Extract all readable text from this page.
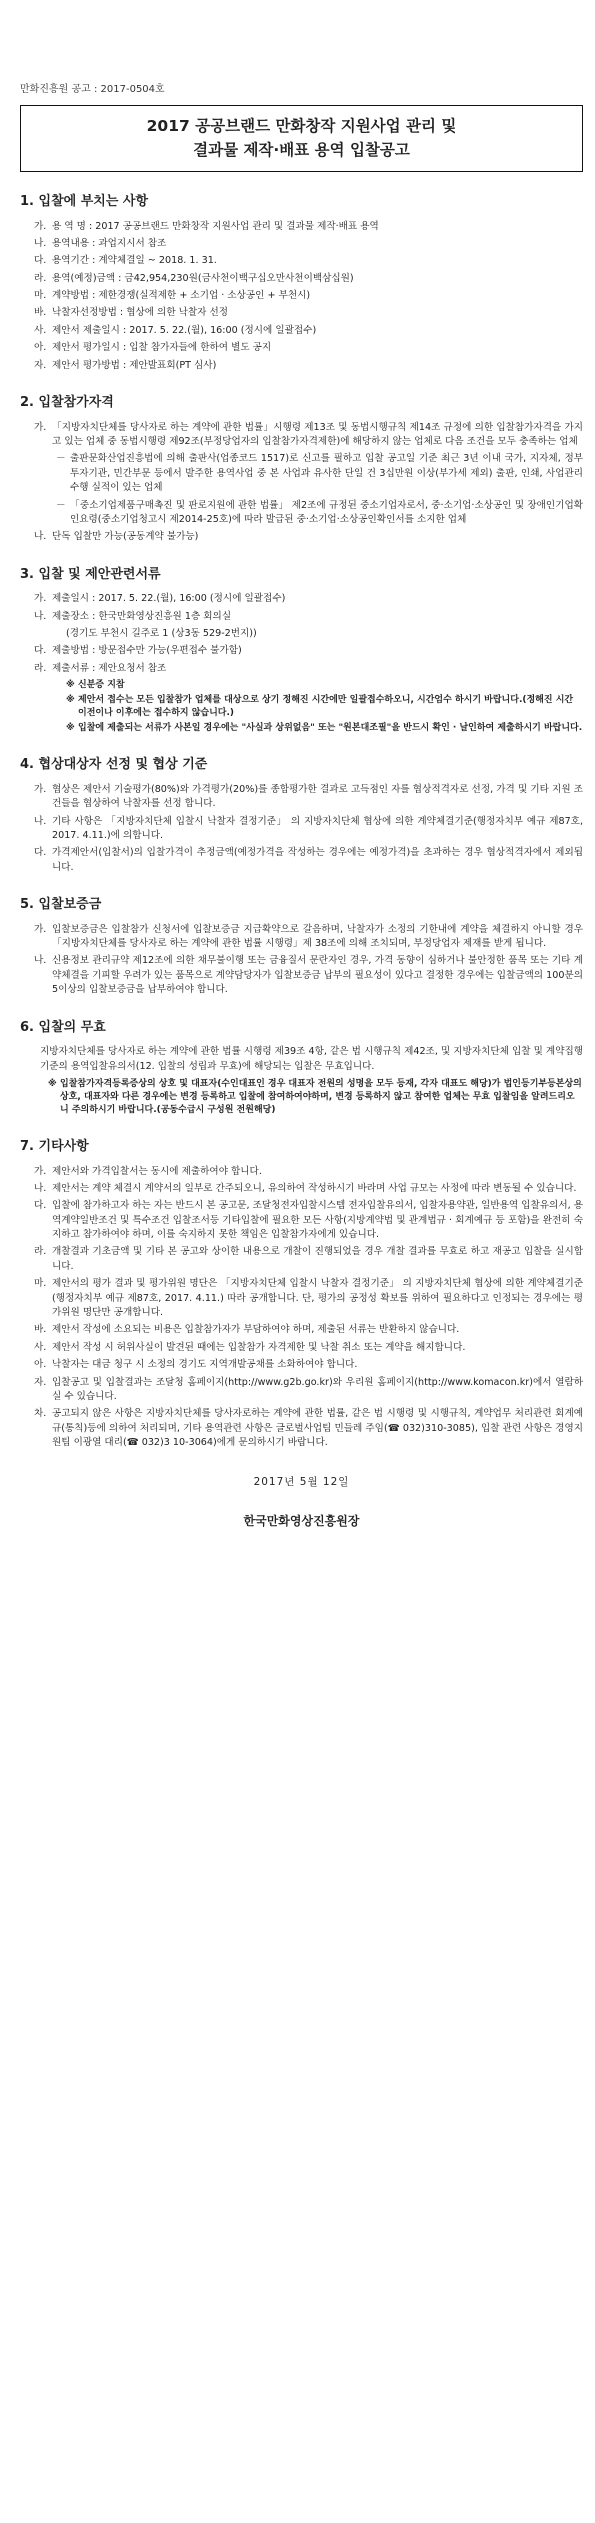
만화진흥원 공고 : 2017-0504호
2017 공공브랜드 만화창작 지원사업 관리 및
결과물 제작·배표 용역 입찰공고
1. 입찰에 부치는 사항
가. 용 역 명 : 2017 공공브랜드 만화창작 지원사업 관리 및 결과물 제작·배표 용역
나. 용역내용 : 과업지시서 참조
다. 용역기간 : 계약체결일 ~ 2018. 1. 31.
라. 용역(예정)금액 : 금42,954,230원(금사천이백구십오만사천이백삼십원)
마. 계약방법 : 제한경쟁(실적제한 + 소기업 · 소상공인 + 부천시)
바. 낙찰자선정방법 : 협상에 의한 낙찰자 선정
사. 제안서 제출일시 : 2017. 5. 22.(월), 16:00 (정시에 일괄접수)
아. 제안서 평가일시 : 입찰 참가자들에 한하여 별도 공지
자. 제안서 평가방법 : 제안발표회(PT 심사)
2. 입찰참가자격
가. 「지방자치단체를 당사자로 하는 계약에 관한 법률」시행령 제13조 및 동법시행규칙 제14조 규정에 의한 입찰참가자격을 가지고 있는 업체 중 동법시행령 제92조(부정당업자의 입찰참가자격제한)에 해당하지 않는 업체로 다음 조건을 모두 충족하는 업체
－ 출판문화산업진흥법에 의해 출판사(업종코드 1517)로 신고를 필하고 입찰 공고일 기준 최근 3년 이내 국가, 지자체, 정부투자기관, 민간부문 등에서 발주한 용역사업 중 본 사업과 유사한 단일 건 3십만원 이상(부가세 제외) 출판, 인쇄, 사업관리 수행 실적이 있는 업체
－ 「중소기업제품구매촉진 및 판로지원에 관한 법률」 제2조에 규정된 중소기업자로서, 중·소기업·소상공인 및 장애인기업확인요령(중소기업청고시 제2014-25호)에 따라 발급된 중·소기업·소상공인확인서를 소지한 업체
나. 단독 입찰만 가능(공동계약 불가능)
3. 입찰 및 제안관련서류
가. 제출일시 : 2017. 5. 22.(월), 16:00 (정시에 일괄접수)
나. 제출장소 : 한국만화영상진흥원 1층 회의실
(경기도 부천시 길주로 1 (상3동 529-2번지))
다. 제출방법 : 방문접수만 가능(우편접수 불가함)
라. 제출서류 : 제안요청서 참조
※ 신분증 지참
※ 제안서 접수는 모든 입찰참가 업체를 대상으로 상기 정해진 시간에만 일괄접수하오니, 시간엄수 하시기 바랍니다.(정해진 시간 이전이나 이후에는 접수하지 않습니다.)
※ 입찰에 제출되는 서류가 사본일 경우에는 "사실과 상위없음" 또는 "원본대조필"을 반드시 확인 · 날인하여 제출하시기 바랍니다.
4. 협상대상자 선정 및 협상 기준
가. 협상은 제안서 기술평가(80%)와 가격평가(20%)를 종합평가한 결과로 고득점인 자를 협상적격자로 선정, 가격 및 기타 지원 조건들을 협상하여 낙찰자를 선정 합니다.
나. 기타 사항은 「지방자치단체 입찰시 낙찰자 결정기준」 의 지방자치단체 협상에 의한 계약체결기준(행정자치부 예규 제87호, 2017. 4.11.)에 의합니다.
다. 가격제안서(입찰서)의 입찰가격이 추정금액(예정가격을 작성하는 경우에는 예정가격)을 초과하는 경우 협상적격자에서 제외됩니다.
5. 입찰보증금
가. 입찰보증금은 입찰참가 신청서에 입찰보증금 지급확약으로 갈음하며, 낙찰자가 소정의 기한내에 계약을 체결하지 아니할 경우 「지방자치단체를 당사자로 하는 계약에 관한 법률 시행령」제 38조에 의해 조치되며, 부정당업자 제재를 받게 됩니다.
나. 신용정보 관리규약 제12조에 의한 채무불이행 또는 금융질서 문란자인 경우, 가격 동향이 심하거나 불안정한 품목 또는 기타 계약체결을 기피할 우려가 있는 품목으로 계약담당자가 입찰보증금 납부의 필요성이 있다고 결정한 경우에는 입찰금액의 100분의 5이상의 입찰보증금을 납부하여야 합니다.
6. 입찰의 무효
지방자치단체를 당사자로 하는 계약에 관한 법률 시행령 제39조 4항, 같은 법 시행규칙 제42조, 및 지방자치단체 입찰 및 계약집행기준의 용역입찰유의서(12. 입찰의 성립과 무효)에 해당되는 입찰은 무효입니다.
※ 입찰참가자격등록증상의 상호 및 대표자(수인대표인 경우 대표자 전원의 성명을 모두 등재, 각자 대표도 해당)가 법인등기부등본상의 상호, 대표자와 다른 경우에는 변경 등록하고 입찰에 참여하여야하며, 변경 등록하지 않고 참여한 업체는 무효 입찰임을 알려드리오니 주의하시기 바랍니다.(공동수급시 구성원 전원해당)
7. 기타사항
가. 제안서와 가격입찰서는 동시에 제출하여야 합니다.
나. 제안서는 계약 체결시 계약서의 일부로 간주되오니, 유의하여 작성하시기 바라며 사업 규모는 사정에 따라 변동될 수 있습니다.
다. 입찰에 참가하고자 하는 자는 반드시 본 공고문, 조달청전자입찰시스템 전자입찰유의서, 입찰자용약관, 일반용역 입찰유의서, 용역계약일반조건 및 특수조건 입찰조서등 기타입찰에 필요한 모든 사항(지방계약법 및 관계법규 · 회계예규 등 포함)을 완전히 숙지하고 참가하여야 하며, 이를 숙지하지 못한 책임은 입찰참가자에게 있습니다.
라. 개찰결과 기초금액 및 기타 본 공고와 상이한 내용으로 개찰이 진행되었을 경우 개찰 결과를 무효로 하고 재공고 입찰을 실시합니다.
마. 제안서의 평가 결과 및 평가위원 명단은 「지방자치단체 입찰시 낙찰자 결정기준」 의 지방자치단체 협상에 의한 계약체결기준(행정자치부 예규 제87호, 2017. 4.11.) 따라 공개합니다. 단, 평가의 공정성 확보를 위하여 필요하다고 인정되는 경우에는 평가위원 명단만 공개합니다.
바. 제안서 작성에 소요되는 비용은 입찰참가자가 부담하여야 하며, 제출된 서류는 반환하지 않습니다.
사. 제안서 작성 시 허위사실이 발견된 때에는 입찰참가 자격제한 및 낙찰 취소 또는 계약을 해지합니다.
아. 낙찰자는 대금 청구 시 소정의 경기도 지역개발공채를 소화하여야 합니다.
자. 입찰공고 및 입찰결과는 조달청 홈페이지(http://www.g2b.go.kr)와 우리원 홈페이지(http://www.komacon.kr)에서 열람하실 수 있습니다.
차. 공고되지 않은 사항은 지방자치단체를 당사자로하는 계약에 관한 법률, 같은 법 시행령 및 시행규칙, 계약업무 처리관련 회계예규(통칙)등에 의하여 처리되며, 기타 용역관련 사항은 글로벌사업팀 민들레 주임(☎ 032)310-3085), 입찰 관련 사항은 경영지원팀 이광열 대리(☎ 032)3 10-3064)에게 문의하시기 바랍니다.
2017년 5월 12일
한국만화영상진흥원장
